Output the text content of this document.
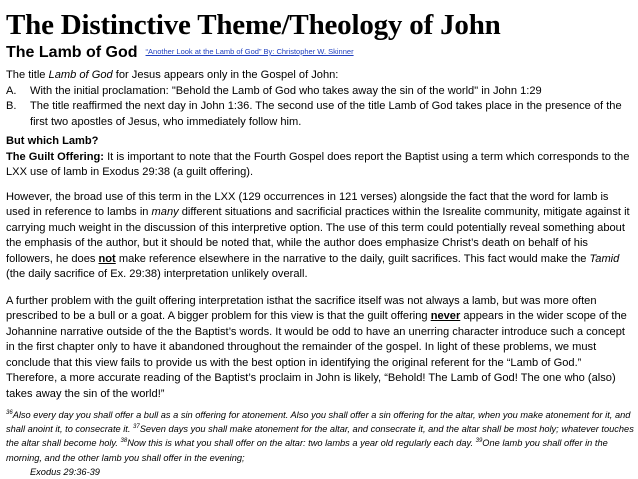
The Distinctive Theme/Theology of John
The Lamb of God “Another Look at the Lamb of God” By: Christopher W. Skinner

The title Lamb of God for Jesus appears only in the Gospel of John:

A.	With the initial proclamation: "Behold the Lamb of God who takes away the sin of the world" in John 1:29
B.	The title reaffirmed the next day in John 1:36. The second use of the title Lamb of God takes place in the presence of the first two apostles of Jesus, who immediately follow him.

But which Lamb?

The Guilt Offering: It is important to note that the Fourth Gospel does report the Baptist using a term which corresponds to the LXX use of lamb in Exodus 29:38 (a guilt offering).

However, the broad use of this term in the LXX (129 occurrences in 121 verses) alongside the fact that the word for lamb is used in reference to lambs in many different situations and sacrificial practices within the Isrealite community, mitigate against it carrying much weight in the discussion of this interpretive option. The use of this term could potentially reveal something about the emphasis of the author, but it should be noted that, while the author does emphasize Christ’s death on behalf of his followers, he does not make reference elsewhere in the narrative to the daily, guilt sacrifices. This fact would make the Tamid (the daily sacrifice of Ex. 29:38) interpretation unlikely overall.

A further problem with the guilt offering interpretation isthat the sacrifice itself was not always a lamb, but was more often prescribed to be a bull or a goat. A bigger problem for this view is that the guilt offering never appears in the wider scope of the Johannine narrative outside of the the Baptist’s words. It would be odd to have an unerring character introduce such a concept in the first chapter only to have it abandoned throughout the remainder of the gospel. In light of these problems, we must conclude that this view fails to provide us with the best option in identifying the original referent for the “Lamb of God.” Therefore, a more accurate reading of the Baptist’s proclaim in John is likely, “Behold! The Lamb of God! The one who (also) takes away the sin of the world!”

$^{36}$Also every day you shall offer a bull as a sin offering for atonement. Also you shall offer a sin offering for the altar, when you make atonement for it, and shall anoint it, to consecrate it. $^{37}$Seven days you shall make atonement for the altar, and consecrate it, and the altar shall be most holy; whatever touches the altar shall become holy. $^{38}$Now this is what you shall offer on the altar: two lambs a year old regularly each day. $^{39}$One lamb you shall offer in the morning, and the other lamb you shall offer in the evening;

Exodus 29:36-39
